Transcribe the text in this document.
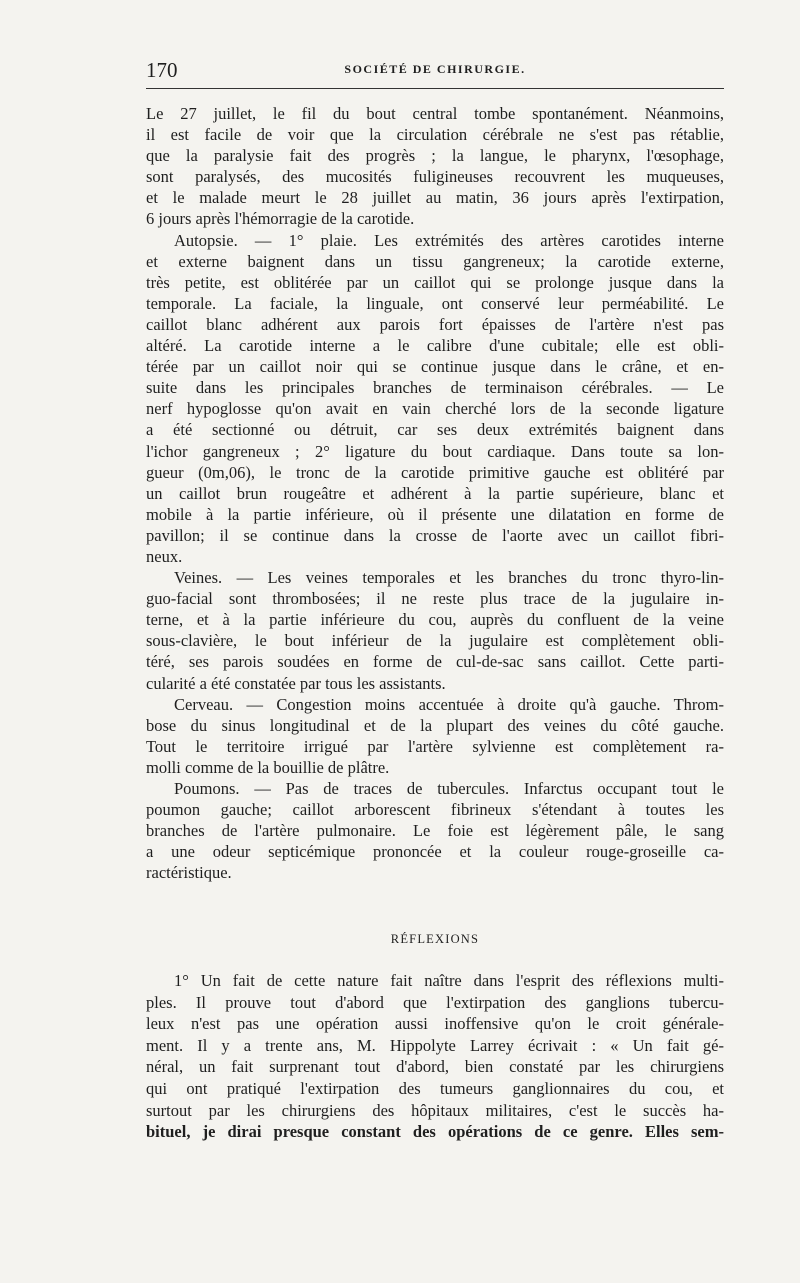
170	SOCIÉTÉ DE CHIRURGIE.
Le 27 juillet, le fil du bout central tombe spontanément. Néanmoins,
il est facile de voir que la circulation cérébrale ne s'est pas rétablie,
que la paralysie fait des progrès ; la langue, le pharynx, l'œsophage,
sont paralysés, des mucosités fuligineuses recouvrent les muqueuses,
et le malade meurt le 28 juillet au matin, 36 jours après l'extirpation,
6 jours après l'hémorragie de la carotide.
Autopsie. — 1° plaie. Les extrémités des artères carotides interne
et externe baignent dans un tissu gangreneux; la carotide externe,
très petite, est oblitérée par un caillot qui se prolonge jusque dans la
temporale. La faciale, la linguale, ont conservé leur perméabilité. Le
caillot blanc adhérent aux parois fort épaisses de l'artère n'est pas
altéré. La carotide interne a le calibre d'une cubitale; elle est obli-
térée par un caillot noir qui se continue jusque dans le crâne, et en-
suite dans les principales branches de terminaison cérébrales. — Le
nerf hypoglosse qu'on avait en vain cherché lors de la seconde ligature
a été sectionné ou détruit, car ses deux extrémités baignent dans
l'ichor gangreneux ; 2° ligature du bout cardiaque. Dans toute sa lon-
gueur (0m,06), le tronc de la carotide primitive gauche est oblitéré par
un caillot brun rougeâtre et adhérent à la partie supérieure, blanc et
mobile à la partie inférieure, où il présente une dilatation en forme de
pavillon; il se continue dans la crosse de l'aorte avec un caillot fibri-
neux.
Veines. — Les veines temporales et les branches du tronc thyro-lin-
guo-facial sont thrombosées; il ne reste plus trace de la jugulaire in-
terne, et à la partie inférieure du cou, auprès du confluent de la veine
sous-clavière, le bout inférieur de la jugulaire est complètement obli-
téré, ses parois soudées en forme de cul-de-sac sans caillot. Cette parti-
cularité a été constatée par tous les assistants.
Cerveau. — Congestion moins accentuée à droite qu'à gauche. Throm-
bose du sinus longitudinal et de la plupart des veines du côté gauche.
Tout le territoire irrigué par l'artère sylvienne est complètement ra-
molli comme de la bouillie de plâtre.
Poumons. — Pas de traces de tubercules. Infarctus occupant tout le
poumon gauche; caillot arborescent fibrineux s'étendant à toutes les
branches de l'artère pulmonaire. Le foie est légèrement pâle, le sang
a une odeur septicémique prononcée et la couleur rouge-groseille ca-
ractéristique.
RÉFLEXIONS
1° Un fait de cette nature fait naître dans l'esprit des réflexions multi-
ples. Il prouve tout d'abord que l'extirpation des ganglions tubercu-
leux n'est pas une opération aussi inoffensive qu'on le croit générale-
ment. Il y a trente ans, M. Hippolyte Larrey écrivait : « Un fait gé-
néral, un fait surprenant tout d'abord, bien constaté par les chirurgiens
qui ont pratiqué l'extirpation des tumeurs ganglionnaires du cou, et
surtout par les chirurgiens des hôpitaux militaires, c'est le succès ha-
bituel, je dirai presque constant des opérations de ce genre. Elles sem-
